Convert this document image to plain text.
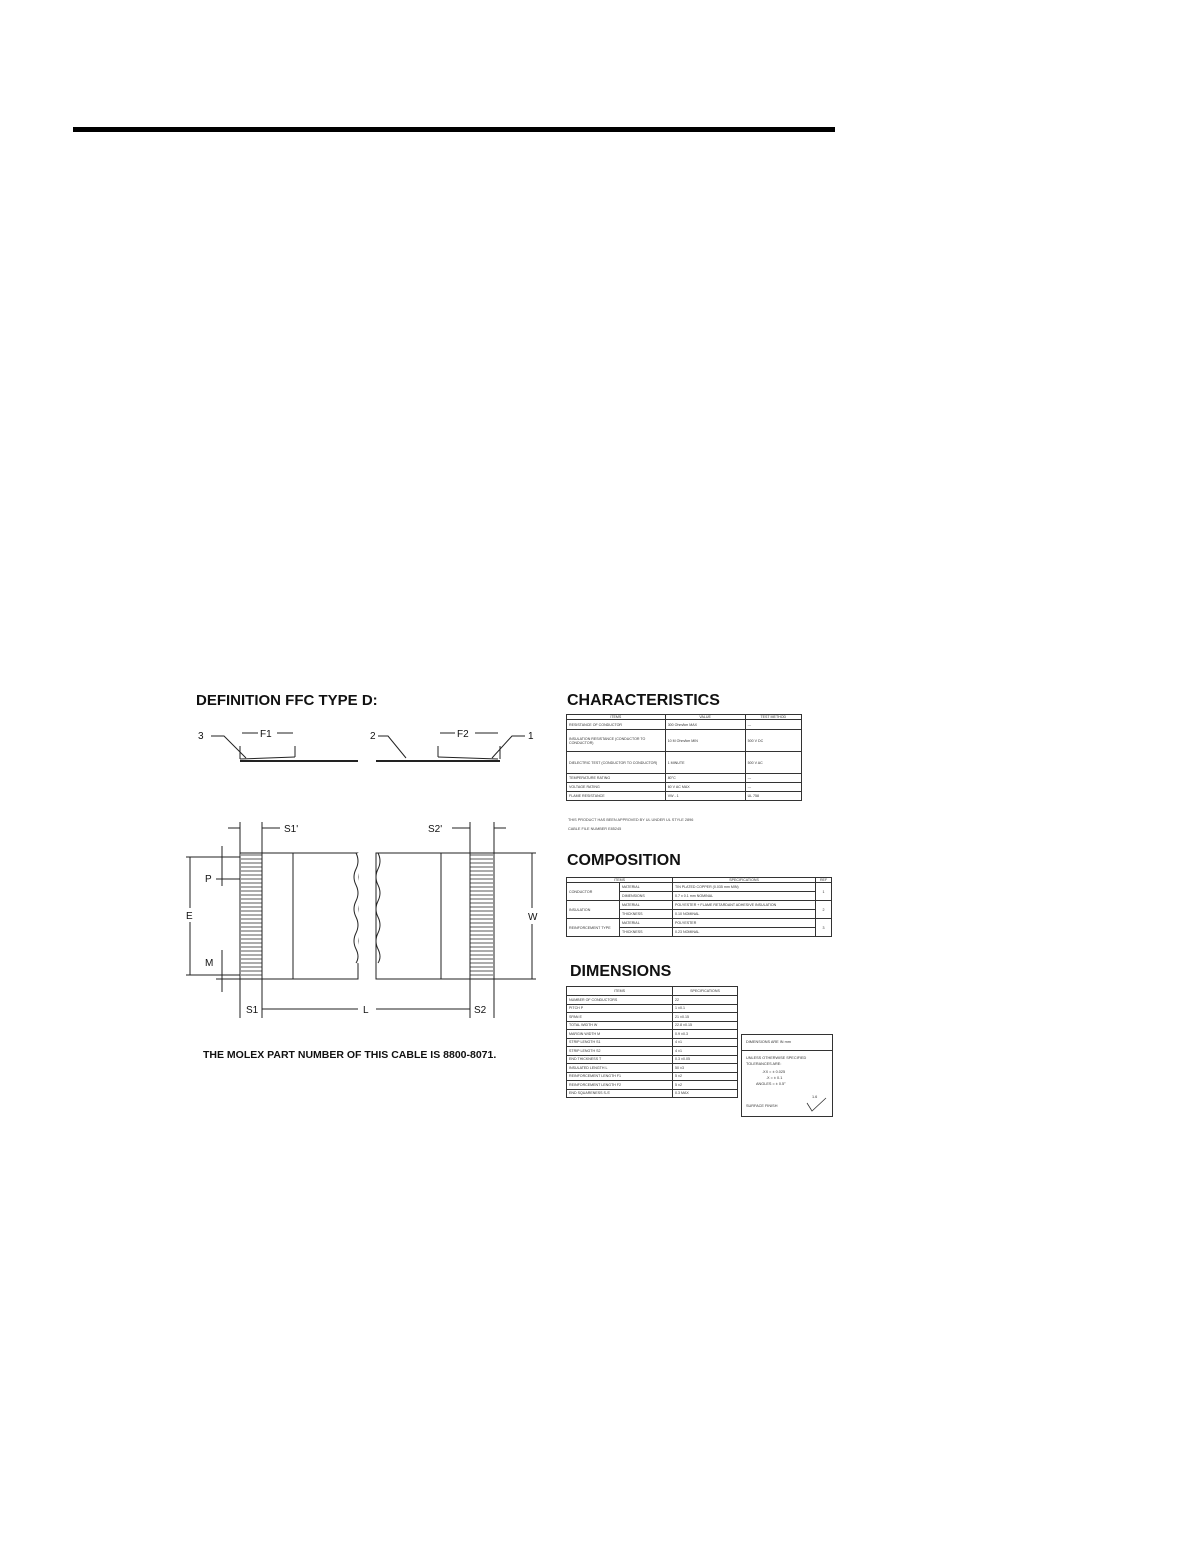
DEFINITION FFC TYPE D:
3	F1	2	F2	1
S1'	S2'
P
E
M
W
S1	L	S2
THE MOLEX PART NUMBER OF THIS CABLE IS 8800-8071.
CHARACTERISTICS
ITEMS	VALUE	TEST METHOD
RESISTANCE OF CONDUCTOR	300 Ohm/km MAX	---
INSULATION RESISTANCE (CONDUCTOR TO CONDUCTOR)	10 M Ohm/km MIN	500 V DC
DIELECTRIC TEST (CONDUCTOR TO CONDUCTOR)	1 MINUTE	500 V AC
TEMPERATURE RATING	80°C	---
VOLTAGE RATING	60 V AC MAX	---
FLAME RESISTANCE	VW - 1	UL 758
THIS PRODUCT HAS BEEN APPROVED BY UL UNDER UL STYLE 2896
CABLE FILE NUMBER E85245
COMPOSITION
ITEMS		SPECIFICATIONS	REF
CONDUCTOR	MATERIAL	TIN PLATED COPPER (0.035 mm MIN)	1
	DIMENSIONS	0.7 x 0.1 mm NOMINAL	
INSULATION	MATERIAL	POLYESTER + FLAME RETARDANT ADHESIVE INSULATION	2
	THICKNESS	0.10 NOMINAL	
REINFORCEMENT TYPE	MATERIAL	POLYESTER	3
	THICKNESS	0.23 NOMINAL	
DIMENSIONS
ITEMS	SPECIFICATIONS
NUMBER OF CONDUCTORS	22
PITCH P	1 ±0.1
SPAN E	21 ±0.15
TOTAL WIDTH W	22.8 ±0.15
MARGIN WIDTH M	0.9 ±0.3
STRIP LENGTH S1	4 ±1
STRIP LENGTH S2	4 ±1
END THICKNESS T	0.3 ±0.05
INSULATED LENGTH L	50 ±3
REINFORCEMENT LENGTH F1	5 ±2
REINFORCEMENT LENGTH F2	5 ±2
END SQUARENESS S-S'	0.3 MAX
DIMENSIONS ARE IN mm
UNLESS OTHERWISE SPECIFIED
TOLERANCES ARE:
.XX = ± 0.025
.X = ± 0.1
ANGLES = ± 0.5°
SURFACE FINISH
1.6
